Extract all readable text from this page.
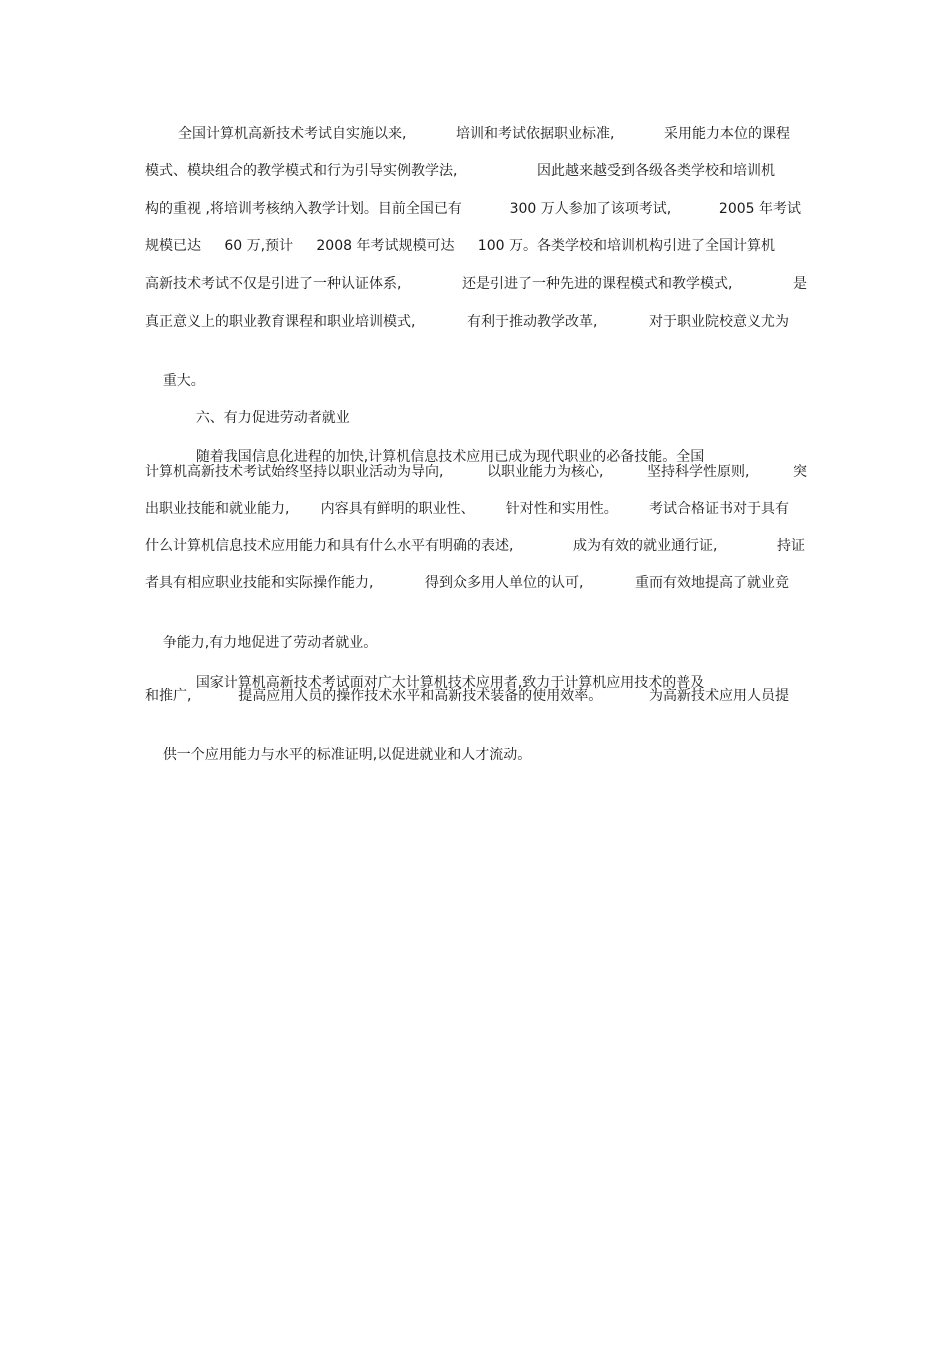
全国计算机高新技术考试自实施以来,	培训和考试依据职业标准,	采用能力本位的课程
模式、模块组合的教学模式和行为引导实例教学法,	因此越来越受到各级各类学校和培训机
构的重视 ,将培训考核纳入教学计划。目前全国已有	300 万人参加了该项考试,	2005 年考试
规模已达 60 万,预计 2008 年考试规模可达 100 万。各类学校和培训机构引进了全国计算机
高新技术考试不仅是引进了一种认证体系,	还是引进了一种先进的课程模式和教学模式,	是
真正意义上的职业教育课程和职业培训模式,	有利于推动教学改革,	对于职业院校意义尤为

重大。

六、有力促进劳动者就业

随着我国信息化进程的加快,计算机信息技术应用已成为现代职业的必备技能。全国

计算机高新技术考试始终坚持以职业活动为导向,	以职业能力为核心,	坚持科学性原则,	突
出职业技能和就业能力, 内容具有鲜明的职业性、 针对性和实用性。 考试合格证书对于具有
什么计算机信息技术应用能力和具有什么水平有明确的表述,	成为有效的就业通行证,	持证
者具有相应职业技能和实际操作能力,	得到众多用人单位的认可,	重而有效地提高了就业竞

争能力,有力地促进了劳动者就业。

国家计算机高新技术考试面对广大计算机技术应用者,致力于计算机应用技术的普及

和推广,	提高应用人员的操作技术水平和高新技术装备的使用效率。	为高新技术应用人员提

供一个应用能力与水平的标准证明,以促进就业和人才流动。
